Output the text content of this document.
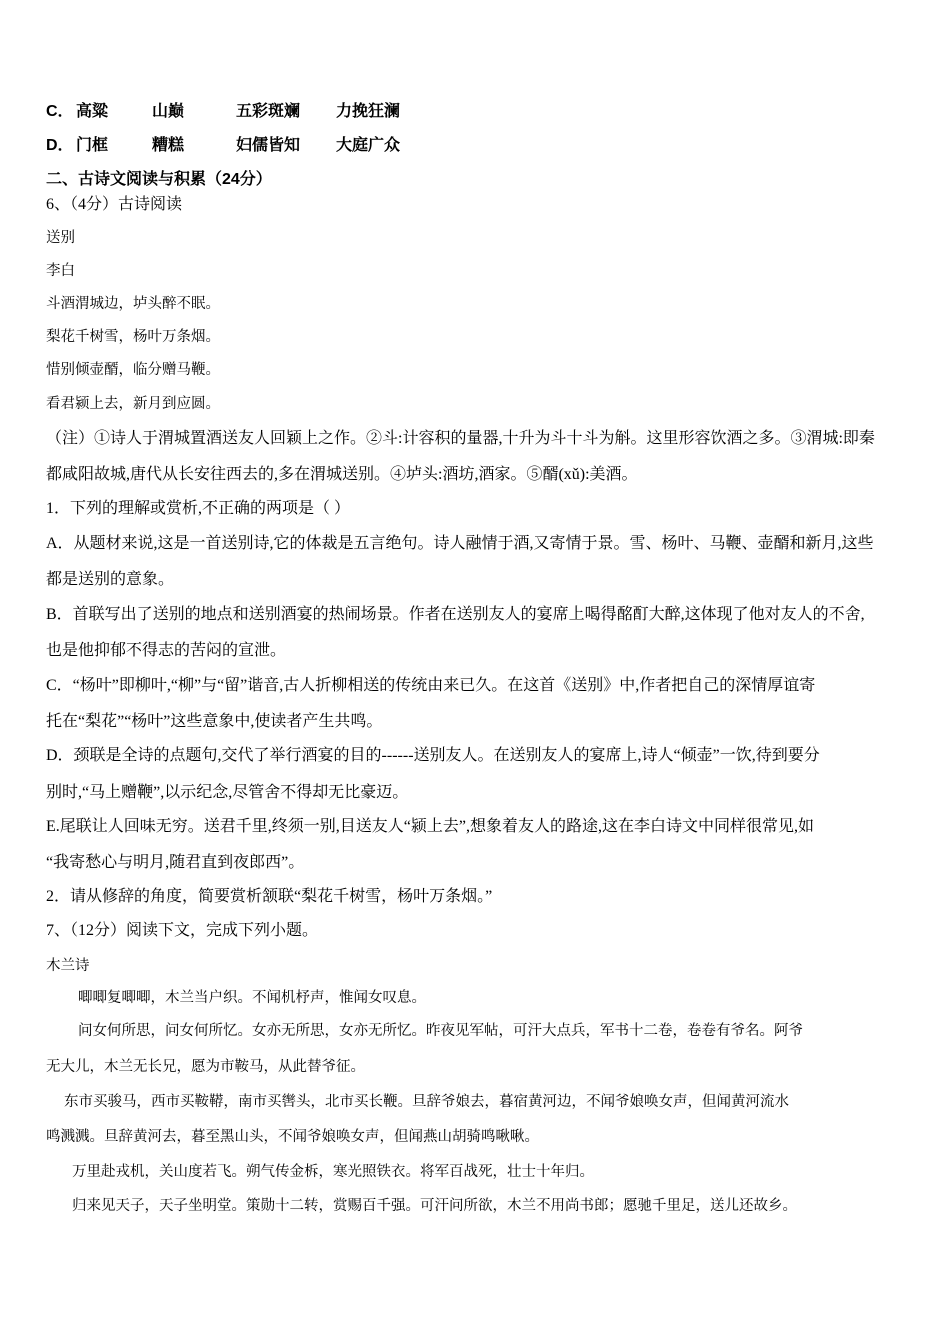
C． 高粱	山巅	五彩斑斓 力挽狂澜
D． 门框	糟糕	妇儒皆知 大庭广众
二、古诗文阅读与积累（24分）
6、（4分）古诗阅读
送别
李白
斗酒渭城边，垆头醉不眠。
梨花千树雪，杨叶万条烟。
惜别倾壶醑，临分赠马鞭。
看君颍上去，新月到应圆。
（注）①诗人于渭城置酒送友人回颖上之作。②斗:计容积的量器,十升为斗十斗为斛。这里形容饮酒之多。③渭城:即秦
都咸阳故城,唐代从长安往西去的,多在渭城送别。④垆头:酒坊,酒家。⑤醑(xǔ):美酒。
1．下列的理解或赏析,不正确的两项是（ ）
A．从题材来说,这是一首送别诗,它的体裁是五言绝句。诗人融情于酒,又寄情于景。雪、杨叶、马鞭、壶醑和新月,这些
都是送别的意象。
B．首联写出了送别的地点和送别酒宴的热闹场景。作者在送别友人的宴席上喝得酩酊大醉,这体现了他对友人的不舍,
也是他抑郁不得志的苦闷的宣泄。
C．“杨叶”即柳叶,“柳”与“留”谐音,古人折柳相送的传统由来已久。在这首《送别》中,作者把自己的深情厚谊寄
托在“梨花”“杨叶”这些意象中,使读者产生共鸣。
D．颈联是全诗的点题句,交代了举行酒宴的目的------送别友人。在送别友人的宴席上,诗人“倾壶”一饮,待到要分
别时,“马上赠鞭”,以示纪念,尽管舍不得却无比豪迈。
E.尾联让人回味无穷。送君千里,终须一别,目送友人“颍上去”,想象着友人的路途,这在李白诗文中同样很常见,如
“我寄愁心与明月,随君直到夜郎西”。
2．请从修辞的角度，简要赏析颔联“梨花千树雪，杨叶万条烟。”
7、（12分）阅读下文，完成下列小题。
木兰诗
唧唧复唧唧，木兰当户织。不闻机杼声，惟闻女叹息。
问女何所思，问女何所忆。女亦无所思，女亦无所忆。昨夜见军帖，可汗大点兵，军书十二卷，卷卷有爷名。阿爷
无大儿，木兰无长兄，愿为市鞍马，从此替爷征。
东市买骏马，西市买鞍鞯，南市买辔头，北市买长鞭。旦辞爷娘去，暮宿黄河边，不闻爷娘唤女声，但闻黄河流水
鸣溅溅。旦辞黄河去，暮至黑山头，不闻爷娘唤女声，但闻燕山胡骑鸣啾啾。
万里赴戎机，关山度若飞。朔气传金柝，寒光照铁衣。将军百战死，壮士十年归。
归来见天子，天子坐明堂。策勋十二转，赏赐百千强。可汗问所欲，木兰不用尚书郎；愿驰千里足，送儿还故乡。
